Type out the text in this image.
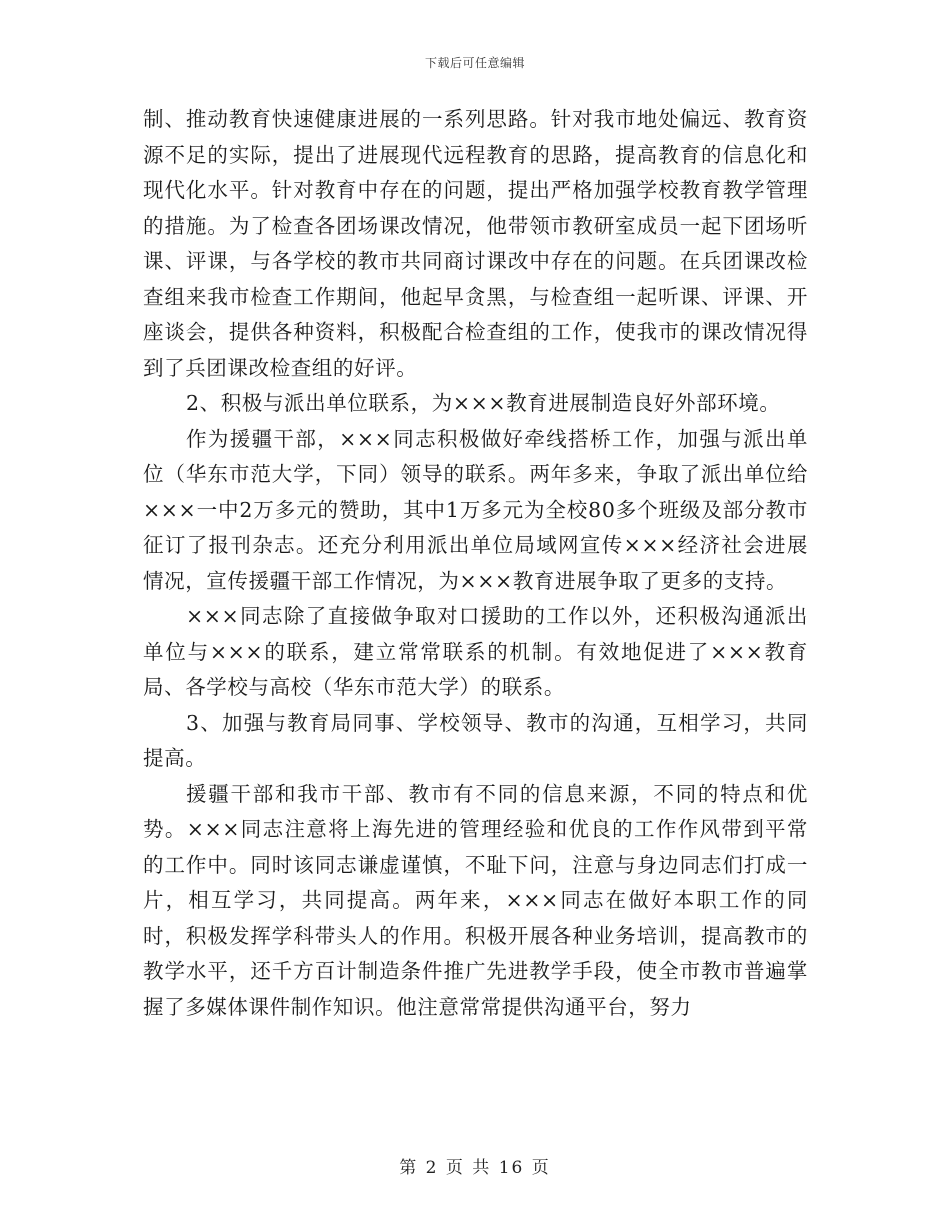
下载后可任意编辑

制、推动教育快速健康进展的一系列思路。针对我市地处偏远、教育资源不足的实际，提出了进展现代远程教育的思路，提高教育的信息化和现代化水平。针对教育中存在的问题，提出严格加强学校教育教学管理的措施。为了检查各团场课改情况，他带领市教研室成员一起下团场听课、评课，与各学校的教市共同商讨课改中存在的问题。在兵团课改检查组来我市检查工作期间，他起早贪黑，与检查组一起听课、评课、开座谈会，提供各种资料，积极配合检查组的工作，使我市的课改情况得到了兵团课改检查组的好评。

2、积极与派出单位联系，为×××教育进展制造良好外部环境。

作为援疆干部，×××同志积极做好牵线搭桥工作，加强与派出单位（华东市范大学，下同）领导的联系。两年多来，争取了派出单位给×××一中2万多元的赞助，其中1万多元为全校80多个班级及部分教市征订了报刊杂志。还充分利用派出单位局域网宣传×××经济社会进展情况，宣传援疆干部工作情况，为×××教育进展争取了更多的支持。

×××同志除了直接做争取对口援助的工作以外，还积极沟通派出单位与×××的联系，建立常常联系的机制。有效地促进了×××教育局、各学校与高校（华东市范大学）的联系。

3、加强与教育局同事、学校领导、教市的沟通，互相学习，共同提高。

援疆干部和我市干部、教市有不同的信息来源，不同的特点和优势。×××同志注意将上海先进的管理经验和优良的工作作风带到平常的工作中。同时该同志谦虚谨慎，不耻下问，注意与身边同志们打成一片，相互学习，共同提高。两年来，×××同志在做好本职工作的同时，积极发挥学科带头人的作用。积极开展各种业务培训，提高教市的教学水平，还千方百计制造条件推广先进教学手段，使全市教市普遍掌握了多媒体课件制作知识。他注意常常提供沟通平台，努力

第 2 页 共 16 页
